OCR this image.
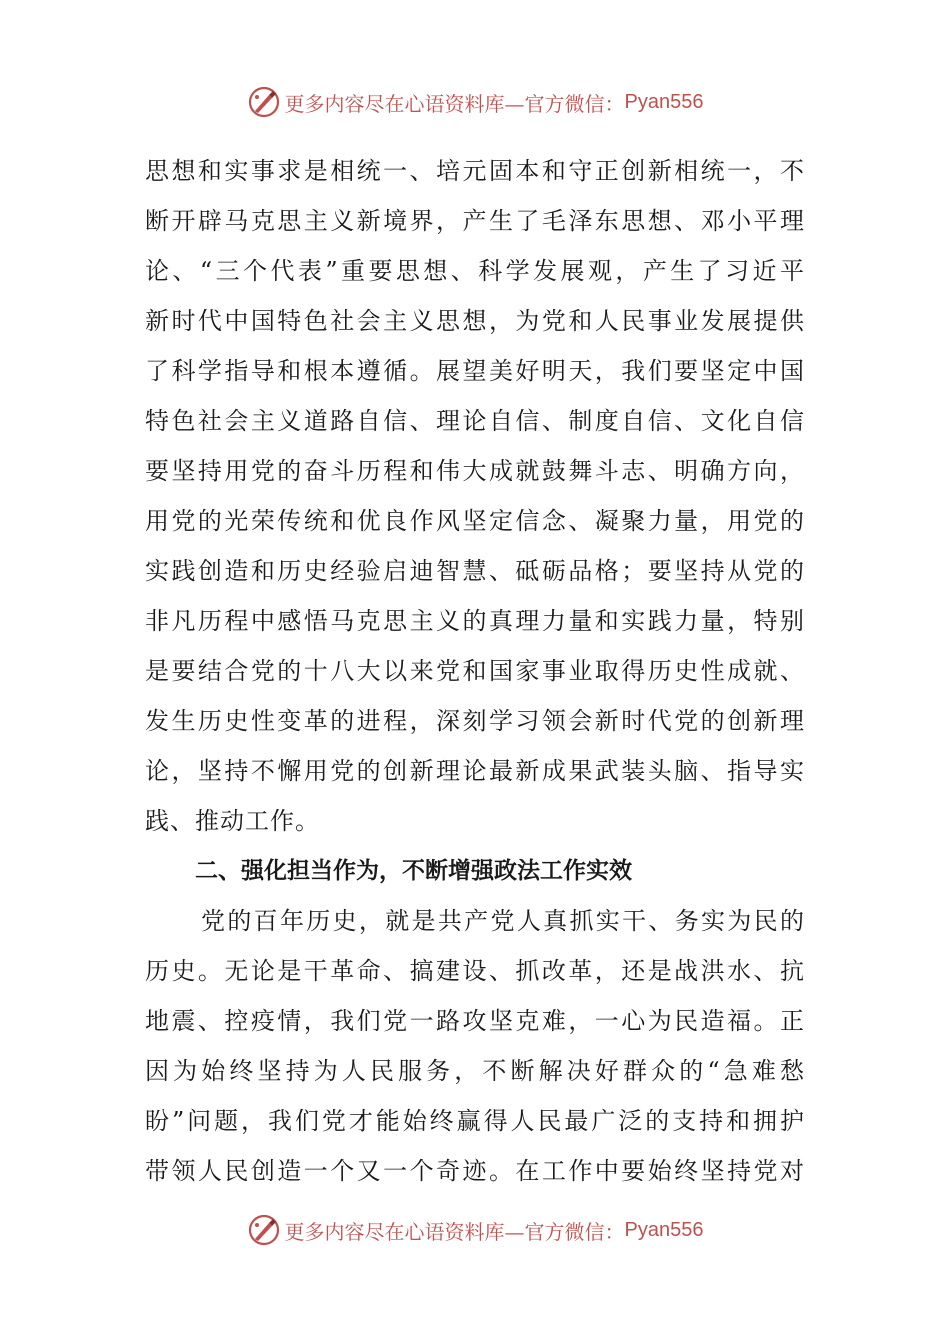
更多内容尽在心语资料库—官方微信： Pyan556
思想和实事求是相统一、培元固本和守正创新相统一，不
断开辟马克思主义新境界，产生了毛泽东思想、邓小平理
论、“三个代表”重要思想、科学发展观，产生了习近平
新时代中国特色社会主义思想，为党和人民事业发展提供
了科学指导和根本遵循。展望美好明天，我们要坚定中国
特色社会主义道路自信、理论自信、制度自信、文化自信
要坚持用党的奋斗历程和伟大成就鼓舞斗志、明确方向，
用党的光荣传统和优良作风坚定信念、凝聚力量，用党的
实践创造和历史经验启迪智慧、砥砺品格；要坚持从党的
非凡历程中感悟马克思主义的真理力量和实践力量，特别
是要结合党的十八大以来党和国家事业取得历史性成就、
发生历史性变革的进程，深刻学习领会新时代党的创新理
论，坚持不懈用党的创新理论最新成果武装头脑、指导实
践、推动工作。
二、强化担当作为，不断增强政法工作实效
党的百年历史，就是共产党人真抓实干、务实为民的
历史。无论是干革命、搞建设、抓改革，还是战洪水、抗
地震、控疫情，我们党一路攻坚克难，一心为民造福。正
因为始终坚持为人民服务，不断解决好群众的“急难愁
盼”问题，我们党才能始终赢得人民最广泛的支持和拥护
带领人民创造一个又一个奇迹。在工作中要始终坚持党对
更多内容尽在心语资料库—官方微信： Pyan556
